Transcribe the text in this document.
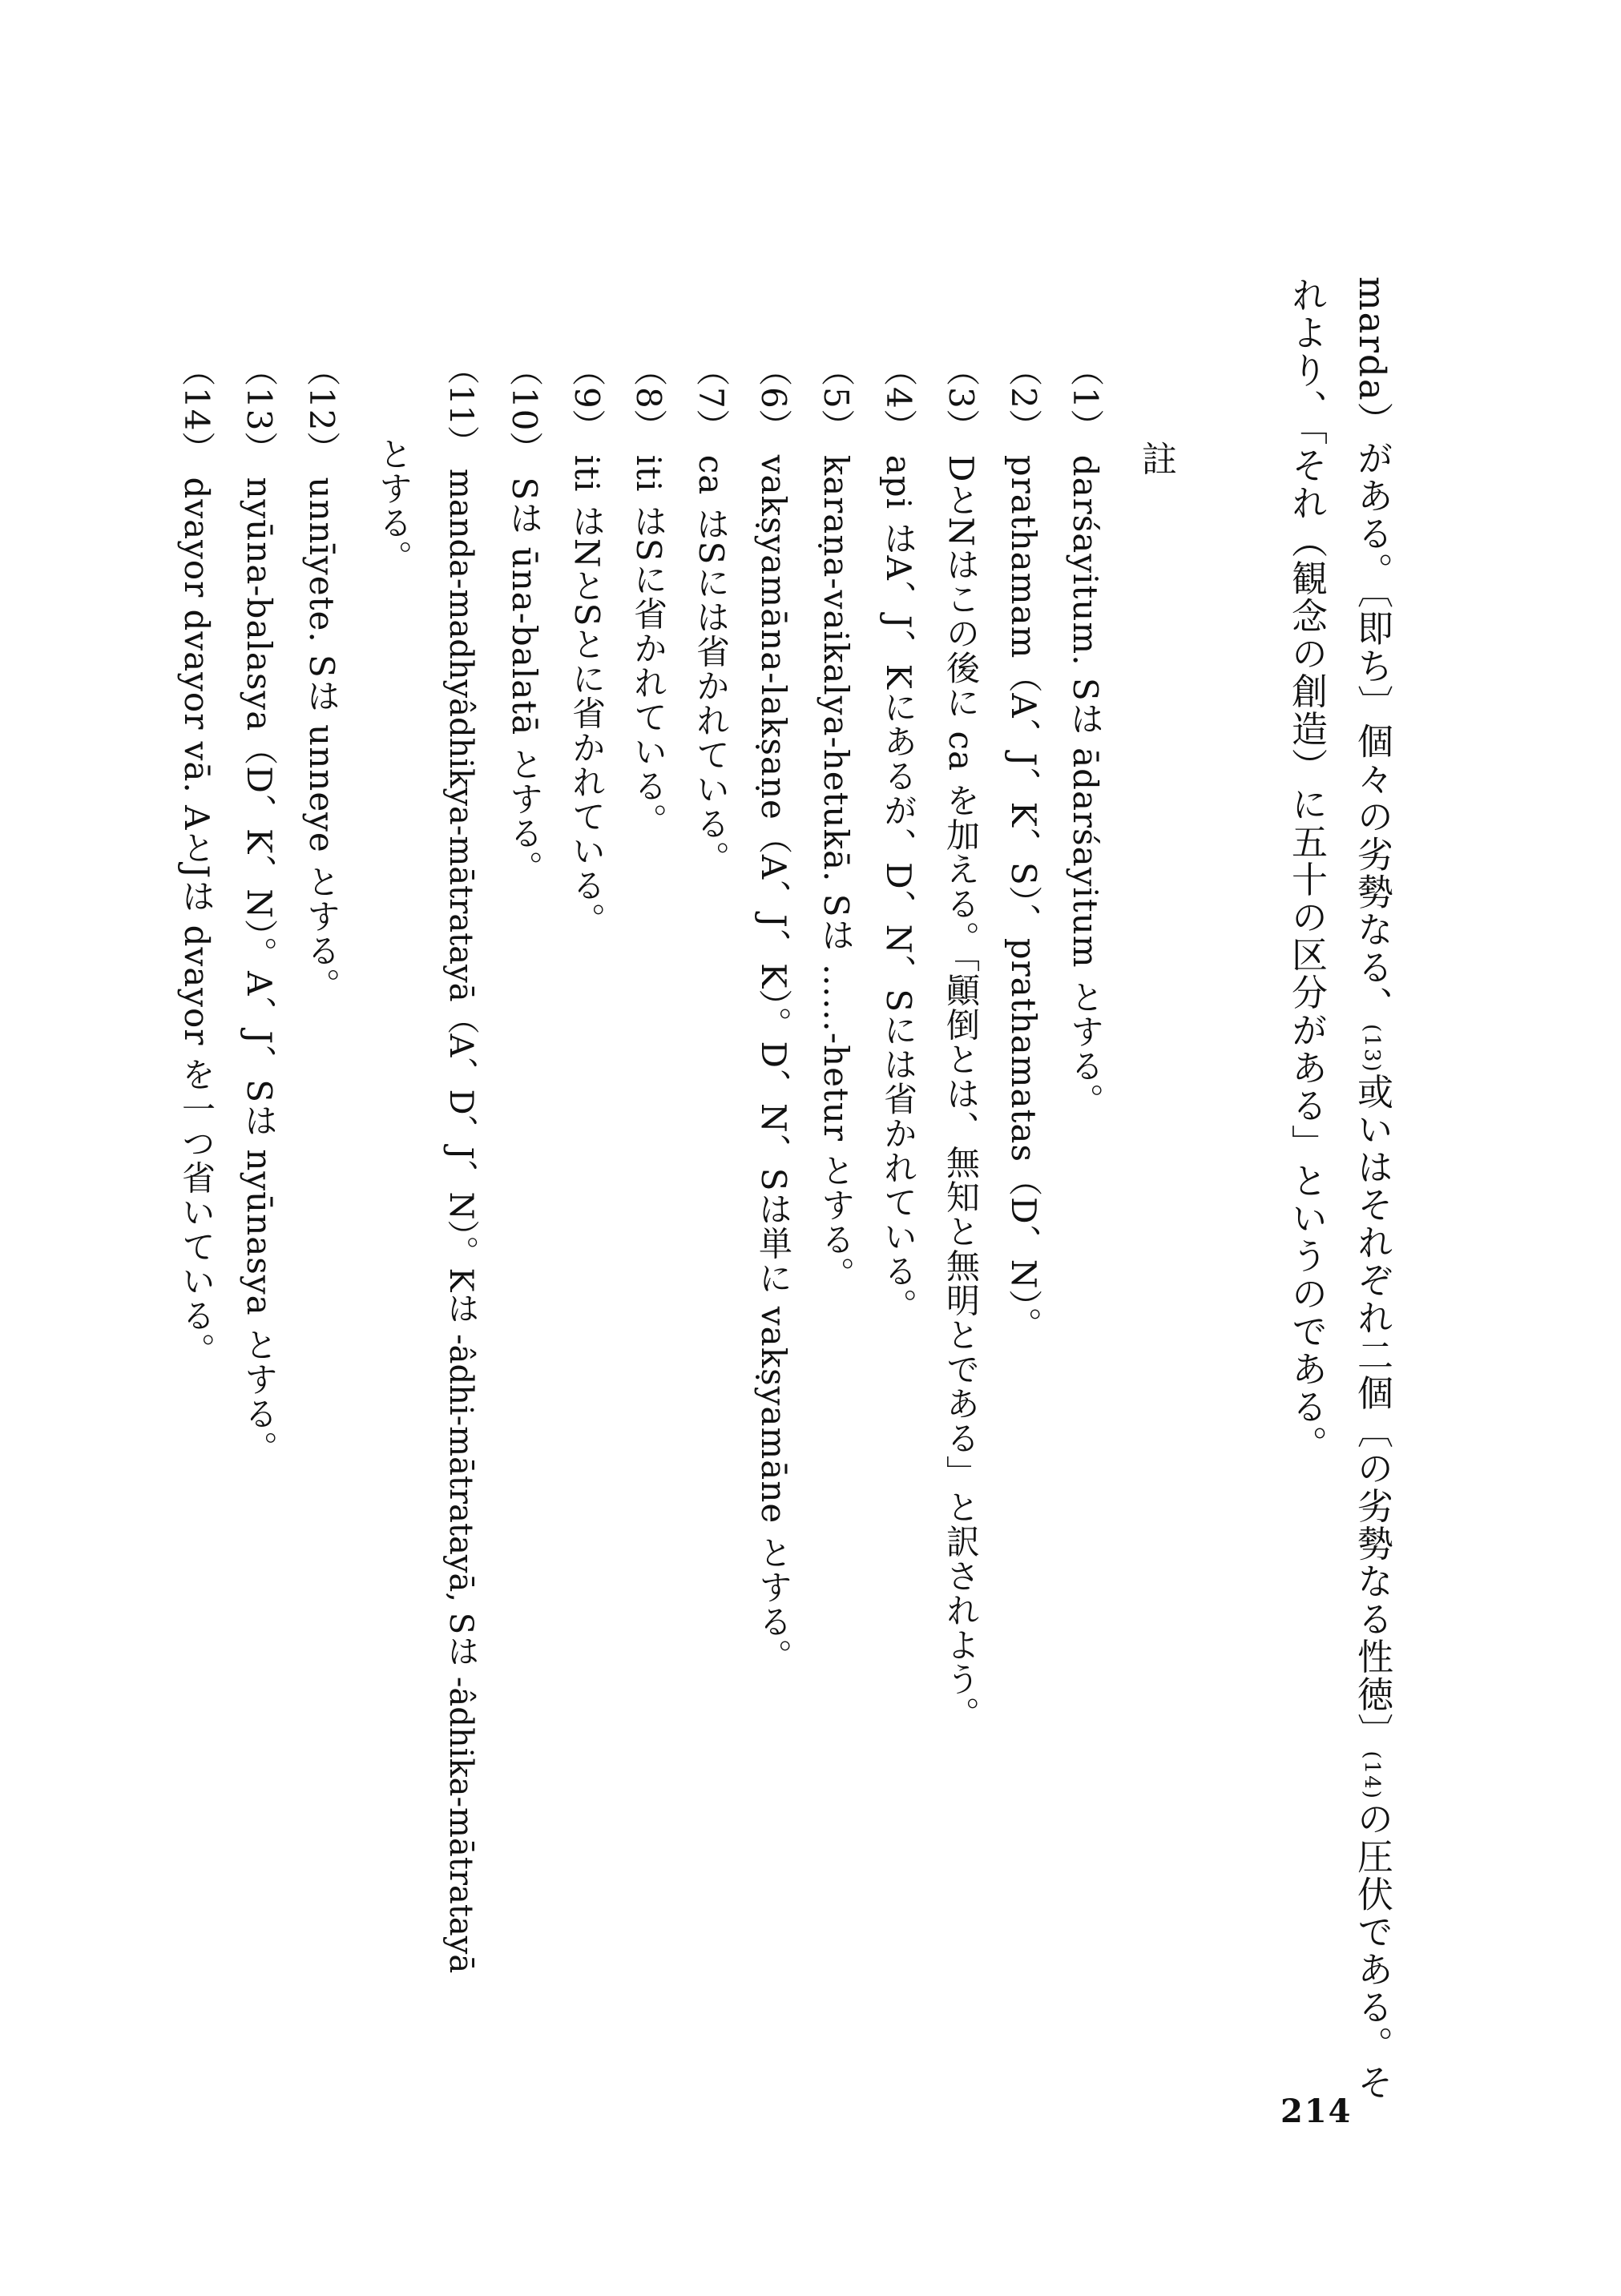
marda）がある。〔即ち〕個々の劣勢なる、(13)或いはそれぞれ二個〔の劣勢なる性徳〕(14)の圧伏である。そ
れより、「それ（観念の創造）に五十の区分がある」というのである。
註
（1）darśayitum. Sは ādarśayitum とする。
（2）prathamam（A、J、K、S）、prathamatas（D、N）。
（3）DとNはこの後に ca を加える。「顚倒とは、無知と無明とである」と訳されよう。
（4）api はA、J、Kにあるが、D、N、Sには省かれている。
（5）karaṇa-vaikalya-hetukā. Sは ……-hetur とする。
（6）vakṣyamāna-lakṣaṇe（A、J、K）。D、N、Sは単に vakṣyamāne とする。
（7）ca はSには省かれている。
（8）iti はSに省かれている。
（9）iti はNとSとに省かれている。
（10）Sは ūna-balatā とする。
（11）manda-madhyâdhikya-mātratayā（A、D、J、N）。Kは -âdhi-mātratayā, Sは -âdhika-mātratayā
とする。
（12）unnīyete. Sは unneye とする。
（13）nyūna-balasya（D、K、N）。A、J、Sは nyūnasya とする。
（14）dvayor dvayor vā. AとJは dvayor を一つ省いている。
214
